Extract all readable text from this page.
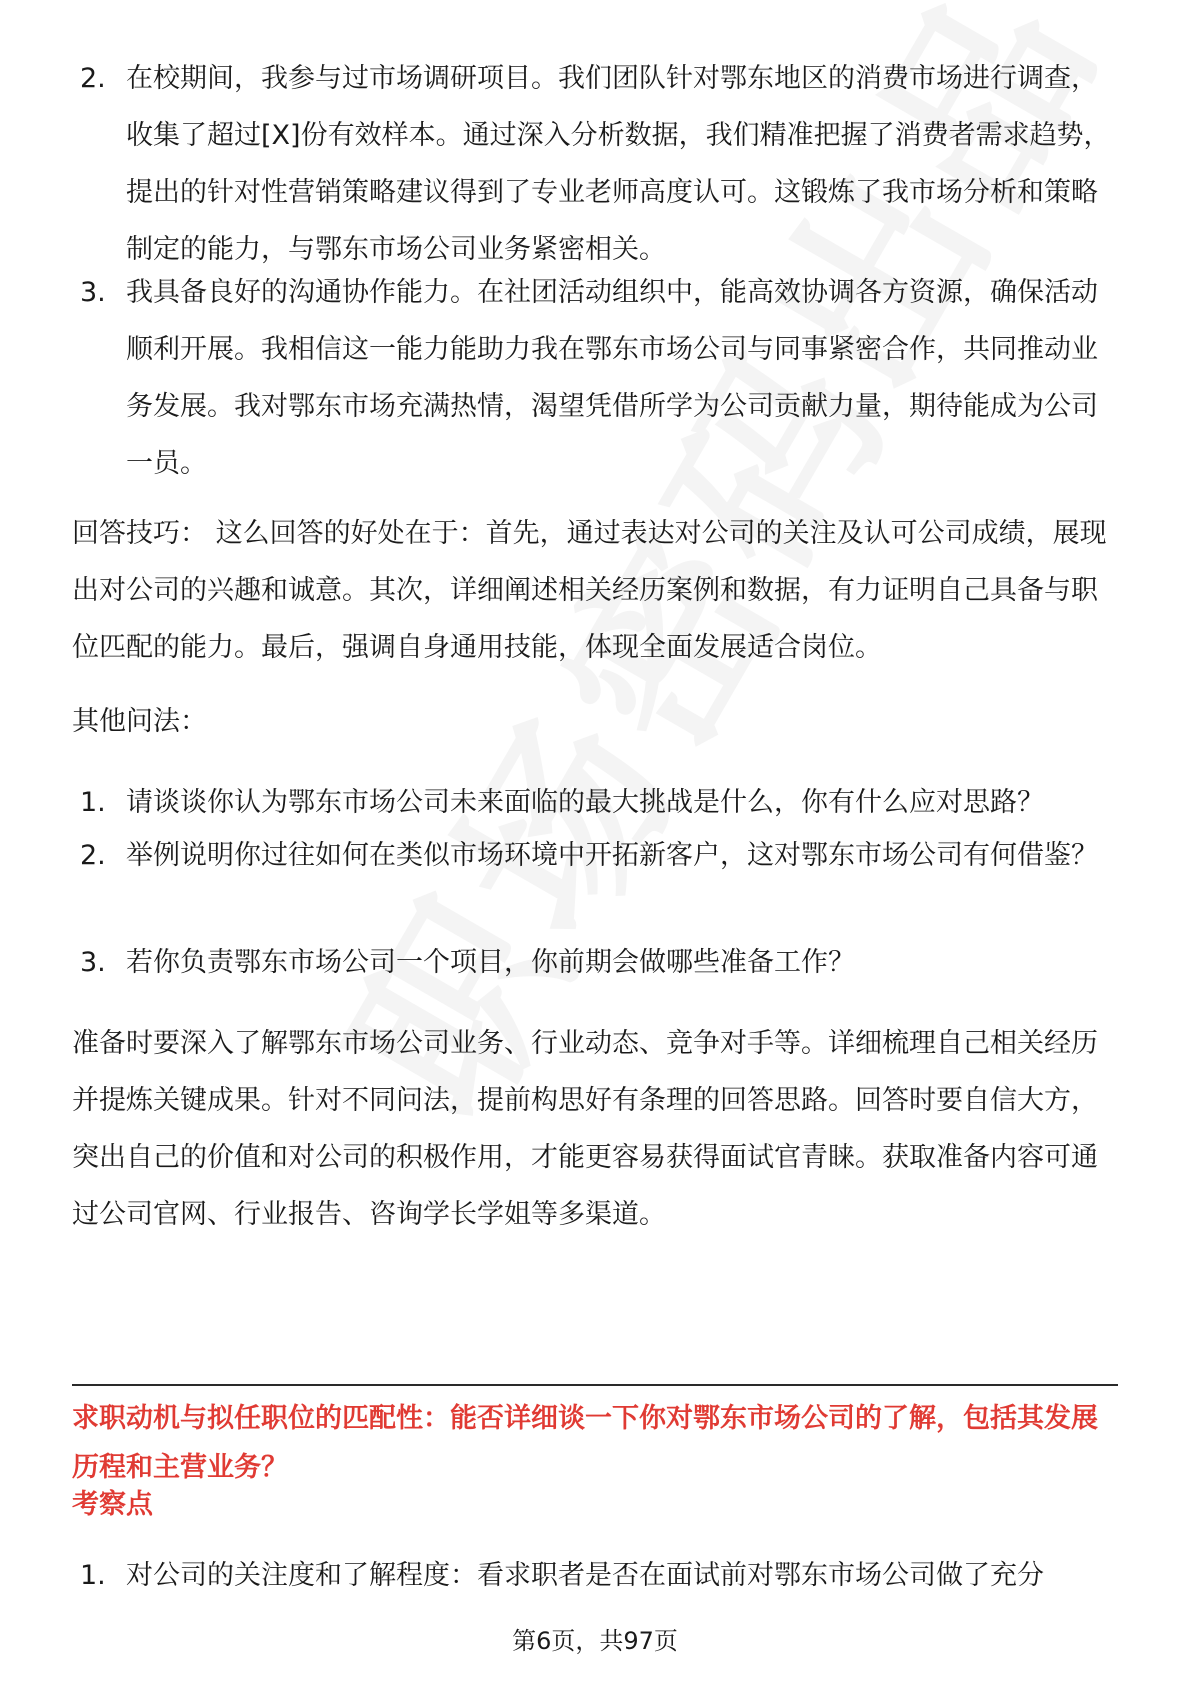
2. 在校期间，我参与过市场调研项目。我们团队针对鄂东地区的消费市场进行调查，收集了超过[X]份有效样本。通过深入分析数据，我们精准把握了消费者需求趋势，提出的针对性营销策略建议得到了专业老师高度认可。这锻炼了我市场分析和策略制定的能力，与鄂东市场公司业务紧密相关。
3. 我具备良好的沟通协作能力。在社团活动组织中，能高效协调各方资源，确保活动顺利开展。我相信这一能力能助力我在鄂东市场公司与同事紧密合作，共同推动业务发展。我对鄂东市场充满热情，渴望凭借所学为公司贡献力量，期待能成为公司一员。
回答技巧： 这么回答的好处在于：首先，通过表达对公司的关注及认可公司成绩，展现出对公司的兴趣和诚意。其次，详细阐述相关经历案例和数据，有力证明自己具备与职位匹配的能力。最后，强调自身通用技能，体现全面发展适合岗位。
其他问法：
1. 请谈谈你认为鄂东市场公司未来面临的最大挑战是什么，你有什么应对思路？
2. 举例说明你过往如何在类似市场环境中开拓新客户，这对鄂东市场公司有何借鉴？
3. 若你负责鄂东市场公司一个项目，你前期会做哪些准备工作？
准备时要深入了解鄂东市场公司业务、行业动态、竞争对手等。详细梳理自己相关经历并提炼关键成果。针对不同问法，提前构思好有条理的回答思路。回答时要自信大方，突出自己的价值和对公司的积极作用，才能更容易获得面试官青睐。获取准备内容可通过公司官网、行业报告、咨询学长学姐等多渠道。
求职动机与拟任职位的匹配性：能否详细谈一下你对鄂东市场公司的了解，包括其发展历程和主营业务？
考察点
1. 对公司的关注度和了解程度：看求职者是否在面试前对鄂东市场公司做了充分
第6页，共97页
